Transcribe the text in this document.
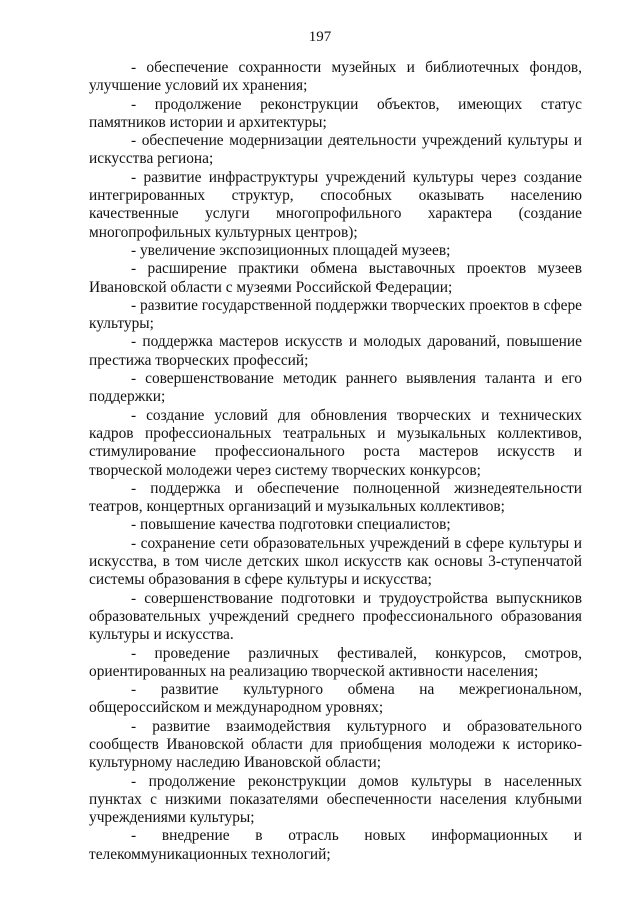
197

- обеспечение сохранности музейных и библиотечных фондов, улучшение условий их хранения;

- продолжение реконструкции объектов, имеющих статус памятников истории и архитектуры;

- обеспечение модернизации деятельности учреждений культуры и искусства региона;

- развитие инфраструктуры учреждений культуры через создание интегрированных структур, способных оказывать населению качественные услуги многопрофильного характера (создание многопрофильных культурных центров);

- увеличение экспозиционных площадей музеев;

- расширение практики обмена выставочных проектов музеев Ивановской области с музеями Российской Федерации;

- развитие государственной поддержки творческих проектов в сфере культуры;

- поддержка мастеров искусств и молодых дарований, повышение престижа творческих профессий;

- совершенствование методик раннего выявления таланта и его поддержки;

- создание условий для обновления творческих и технических кадров профессиональных театральных и музыкальных коллективов, стимулирование профессионального роста мастеров искусств и творческой молодежи через систему творческих конкурсов;

- поддержка и обеспечение полноценной жизнедеятельности театров, концертных организаций и музыкальных коллективов;

- повышение качества подготовки специалистов;

- сохранение сети образовательных учреждений в сфере культуры и искусства, в том числе детских школ искусств как основы 3-ступенчатой системы образования в сфере культуры и искусства;

- совершенствование подготовки и трудоустройства выпускников образовательных учреждений среднего профессионального образования культуры и искусства.

- проведение различных фестивалей, конкурсов, смотров, ориентированных на реализацию творческой активности населения;

- развитие культурного обмена на межрегиональном, общероссийском и международном уровнях;

- развитие взаимодействия культурного и образовательного сообществ Ивановской области для приобщения молодежи к историко-культурному наследию Ивановской области;

- продолжение реконструкции домов культуры в населенных пунктах с низкими показателями обеспеченности населения клубными учреждениями культуры;

- внедрение в отрасль новых информационных и телекоммуникационных технологий;
